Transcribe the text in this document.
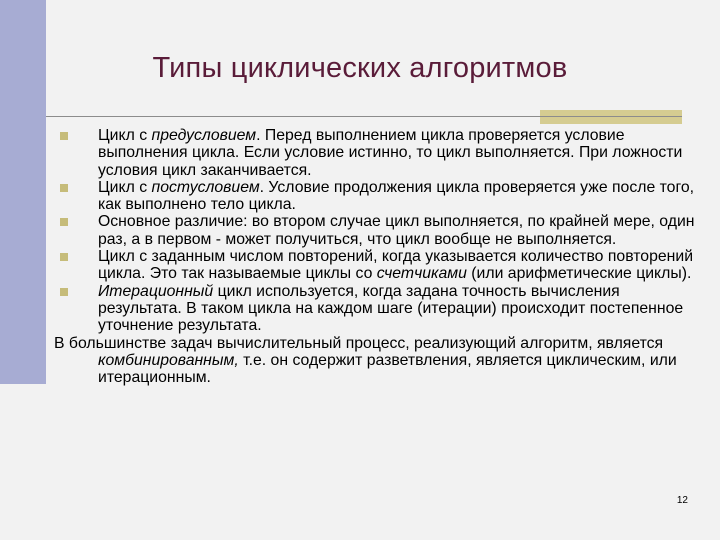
Типы циклических алгоритмов
Цикл с предусловием. Перед выполнением цикла проверяется условие выполнения цикла. Если условие истинно, то цикл выполняется. При ложности условия цикл заканчивается.
Цикл с постусловием. Условие продолжения цикла проверяется уже после того, как выполнено тело цикла.
Основное различие: во втором случае цикл выполняется, по крайней мере, один раз, а в первом - может получиться, что цикл вообще не выполняется.
Цикл с заданным числом повторений, когда указывается количество повторений цикла. Это так называемые циклы со счетчиками (или арифметические циклы).
Итерационный цикл используется, когда задана точность вычисления результата. В таком цикла на каждом шаге (итерации) происходит постепенное уточнение результата.
В большинстве задач вычислительный процесс, реализующий алгоритм, является комбинированным, т.е. он содержит разветвления, является циклическим, или итерационным.
12
